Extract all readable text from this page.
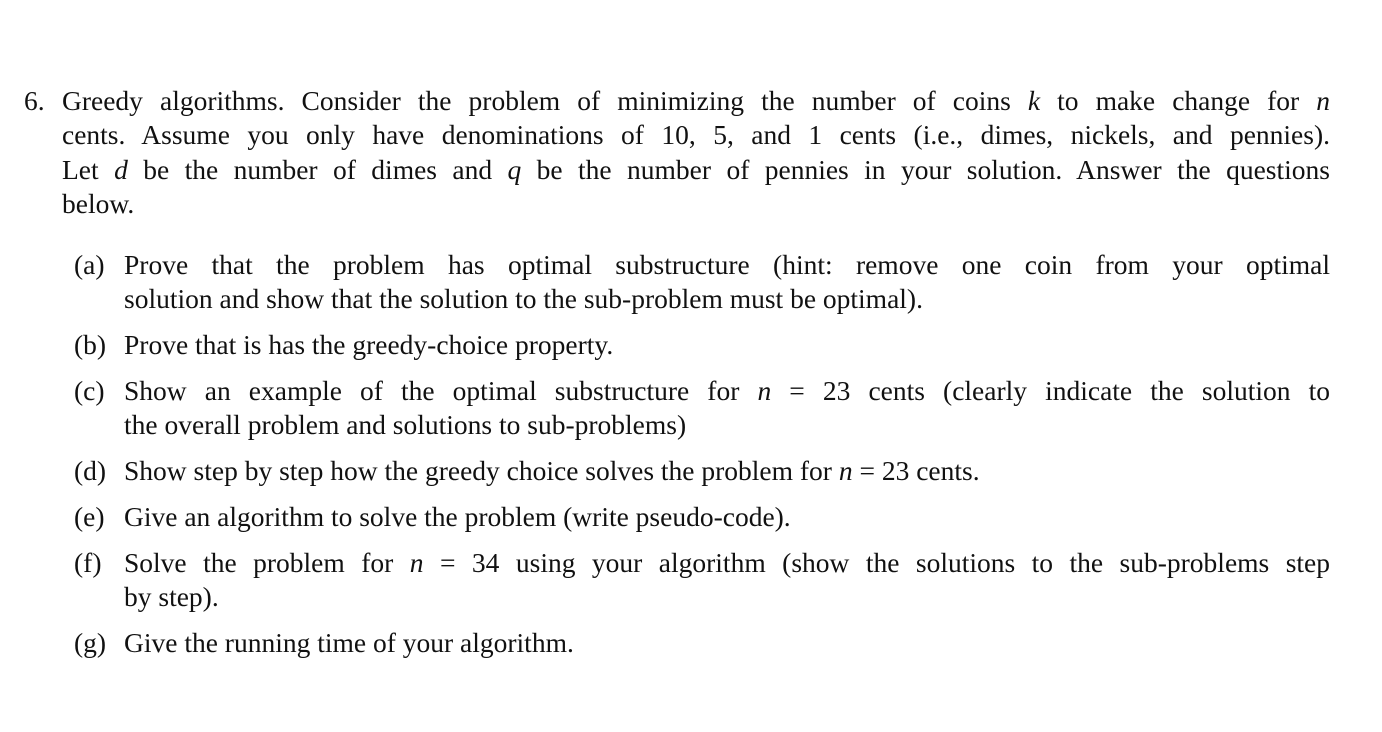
6. Greedy algorithms. Consider the problem of minimizing the number of coins k to make change for n
cents. Assume you only have denominations of 10, 5, and 1 cents (i.e., dimes, nickels, and pennies).
Let d be the number of dimes and q be the number of pennies in your solution. Answer the questions
below.
(a) Prove that the problem has optimal substructure (hint: remove one coin from your optimal
solution and show that the solution to the sub-problem must be optimal).
(b) Prove that is has the greedy-choice property.
(c) Show an example of the optimal substructure for n = 23 cents (clearly indicate the solution to
the overall problem and solutions to sub-problems)
(d) Show step by step how the greedy choice solves the problem for n = 23 cents.
(e) Give an algorithm to solve the problem (write pseudo-code).
(f) Solve the problem for n = 34 using your algorithm (show the solutions to the sub-problems step
by step).
(g) Give the running time of your algorithm.
